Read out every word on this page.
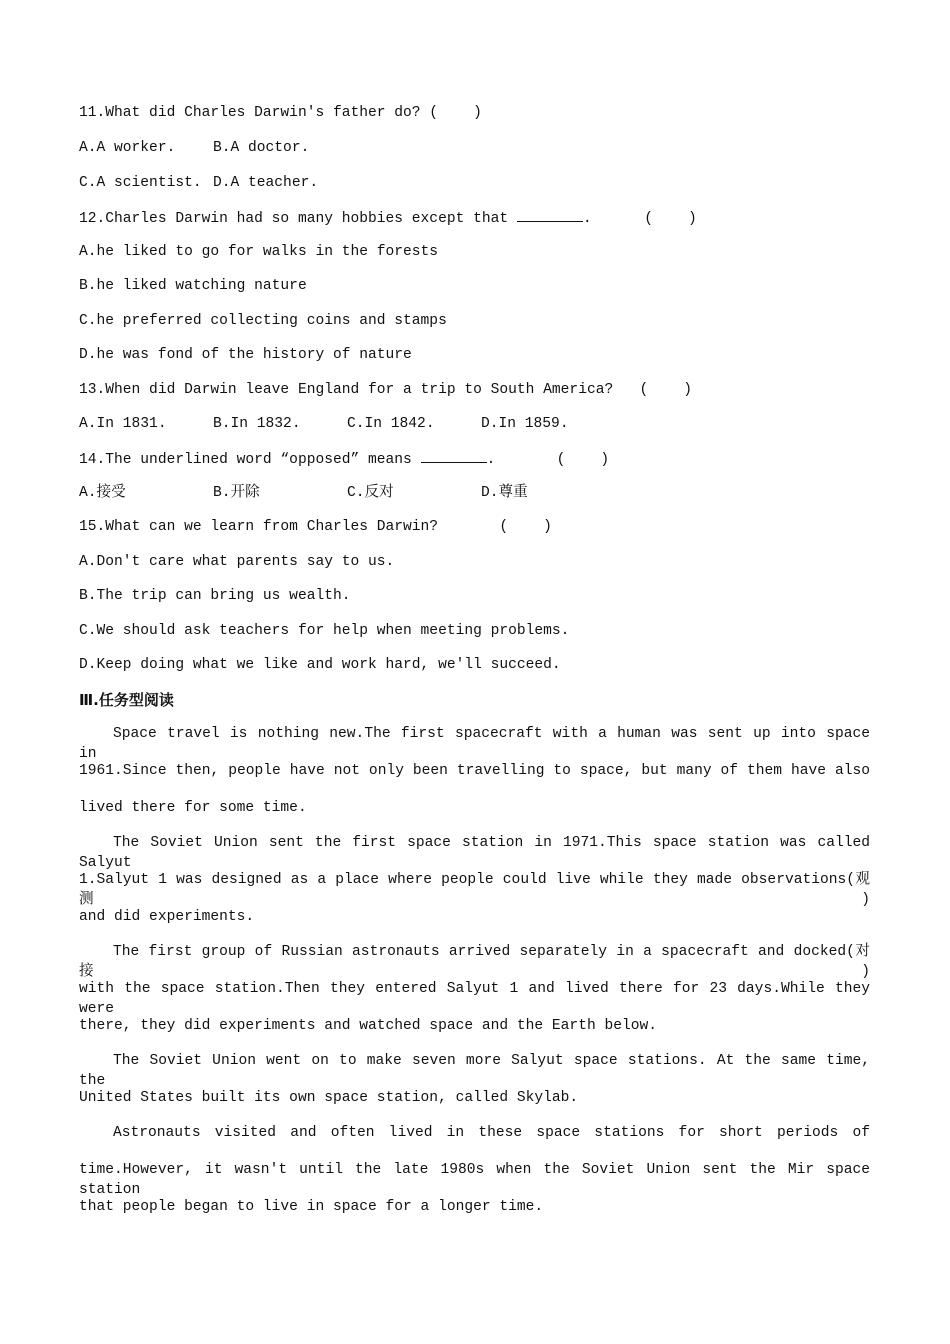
11.What did Charles Darwin's father do? (    )
A.A worker.	B.A doctor.
C.A scientist. D.A teacher.
12.Charles Darwin had so many hobbies except that	.      (    )
A.he liked to go for walks in the forests
B.he liked watching nature
C.he preferred collecting coins and stamps
D.he was fond of the history of nature
13.When did Darwin leave England for a trip to South America?   (    )
A.In 1831.	B.In 1832.	C.In 1842.	D.In 1859.
14.The underlined word “opposed” means	.       (    )
A.接受	B.开除	C.反对	D.尊重
15.What can we learn from Charles Darwin?       (    )
A.Don't care what parents say to us.
B.The trip can bring us wealth.
C.We should ask teachers for help when meeting problems.
D.Keep doing what we like and work hard, we'll succeed.
Ⅲ.任务型阅读
Space travel is nothing new.The first spacecraft with a human was sent up into space in
1961.Since then, people have not only been travelling to space, but many of them have also
lived there for some time.
The Soviet Union sent the first space station in 1971.This space station was called Salyut
1.Salyut 1 was designed as a place where people could live while they made observations(观测)
and did experiments.
The first group of Russian astronauts arrived separately in a spacecraft and docked(对接)
with the space station.Then they entered Salyut 1 and lived there for 23 days.While they were
there, they did experiments and watched space and the Earth below.
The Soviet Union went on to make seven more Salyut space stations. At the same time, the
United States built its own space station, called Skylab.
Astronauts visited and often lived in these space stations for short periods of
time.However, it wasn't until the late 1980s when the Soviet Union sent the Mir space station
that people began to live in space for a longer time.
